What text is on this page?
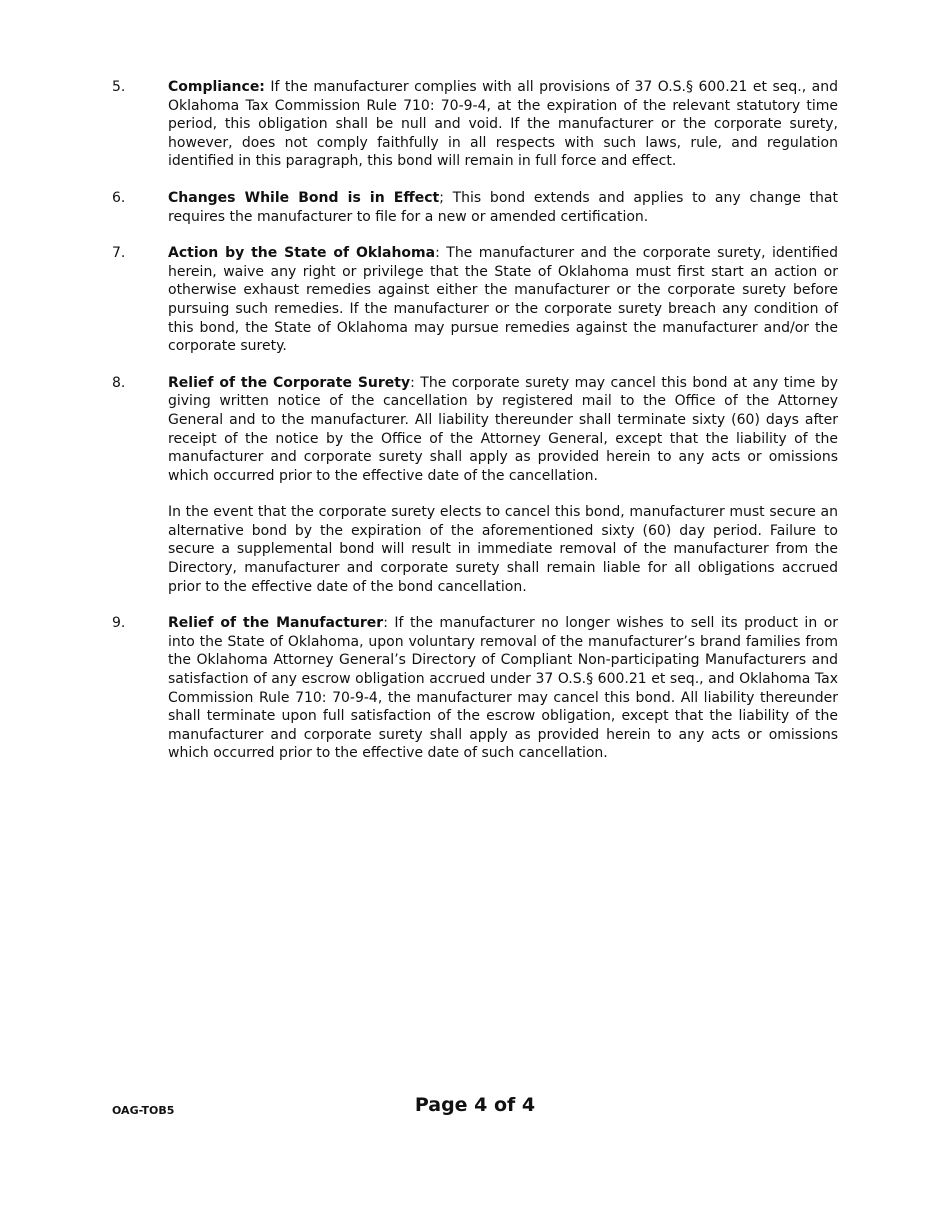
5.	Compliance: If the manufacturer complies with all provisions of 37 O.S.§ 600.21 et seq., and Oklahoma Tax Commission Rule 710: 70-9-4, at the expiration of the relevant statutory time period, this obligation shall be null and void. If the manufacturer or the corporate surety, however, does not comply faithfully in all respects with such laws, rule, and regulation identified in this paragraph, this bond will remain in full force and effect.

6.	Changes While Bond is in Effect; This bond extends and applies to any change that requires the manufacturer to file for a new or amended certification.

7.	Action by the State of Oklahoma: The manufacturer and the corporate surety, identified herein, waive any right or privilege that the State of Oklahoma must first start an action or otherwise exhaust remedies against either the manufacturer or the corporate surety before pursuing such remedies. If the manufacturer or the corporate surety breach any condition of this bond, the State of Oklahoma may pursue remedies against the manufacturer and/or the corporate surety.

8.	Relief of the Corporate Surety: The corporate surety may cancel this bond at any time by giving written notice of the cancellation by registered mail to the Office of the Attorney General and to the manufacturer. All liability thereunder shall terminate sixty (60) days after receipt of the notice by the Office of the Attorney General, except that the liability of the manufacturer and corporate surety shall apply as provided herein to any acts or omissions which occurred prior to the effective date of the cancellation.

In the event that the corporate surety elects to cancel this bond, manufacturer must secure an alternative bond by the expiration of the aforementioned sixty (60) day period. Failure to secure a supplemental bond will result in immediate removal of the manufacturer from the Directory, manufacturer and corporate surety shall remain liable for all obligations accrued prior to the effective date of the bond cancellation.

9.	Relief of the Manufacturer: If the manufacturer no longer wishes to sell its product in or into the State of Oklahoma, upon voluntary removal of the manufacturer’s brand families from the Oklahoma Attorney General’s Directory of Compliant Non-participating Manufacturers and satisfaction of any escrow obligation accrued under 37 O.S.§ 600.21 et seq., and Oklahoma Tax Commission Rule 710: 70-9-4, the manufacturer may cancel this bond. All liability thereunder shall terminate upon full satisfaction of the escrow obligation, except that the liability of the manufacturer and corporate surety shall apply as provided herein to any acts or omissions which occurred prior to the effective date of such cancellation.

OAG-TOB5	Page 4 of 4
